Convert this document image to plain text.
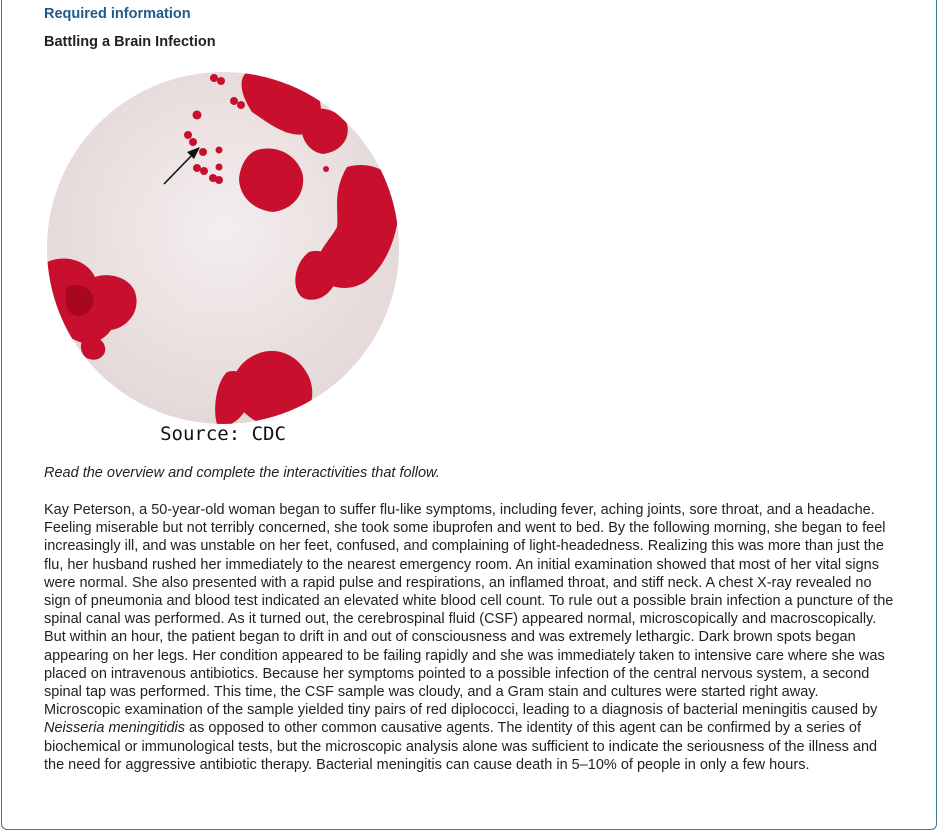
Required information

Battling a Brain Infection

Source: CDC

Read the overview and complete the interactivities that follow.

Kay Peterson, a 50-year-old woman began to suffer flu-like symptoms, including fever, aching joints, sore throat, and a headache. Feeling miserable but not terribly concerned, she took some ibuprofen and went to bed. By the following morning, she began to feel increasingly ill, and was unstable on her feet, confused, and complaining of light-headedness. Realizing this was more than just the flu, her husband rushed her immediately to the nearest emergency room. An initial examination showed that most of her vital signs were normal. She also presented with a rapid pulse and respirations, an inflamed throat, and stiff neck. A chest X-ray revealed no sign of pneumonia and blood test indicated an elevated white blood cell count. To rule out a possible brain infection a puncture of the spinal canal was performed. As it turned out, the cerebrospinal fluid (CSF) appeared normal, microscopically and macroscopically. But within an hour, the patient began to drift in and out of consciousness and was extremely lethargic. Dark brown spots began appearing on her legs. Her condition appeared to be failing rapidly and she was immediately taken to intensive care where she was placed on intravenous antibiotics. Because her symptoms pointed to a possible infection of the central nervous system, a second spinal tap was performed. This time, the CSF sample was cloudy, and a Gram stain and cultures were started right away. Microscopic examination of the sample yielded tiny pairs of red diplococci, leading to a diagnosis of bacterial meningitis caused by Neisseria meningitidis as opposed to other common causative agents. The identity of this agent can be confirmed by a series of biochemical or immunological tests, but the microscopic analysis alone was sufficient to indicate the seriousness of the illness and the need for aggressive antibiotic therapy. Bacterial meningitis can cause death in 5–10% of people in only a few hours.
